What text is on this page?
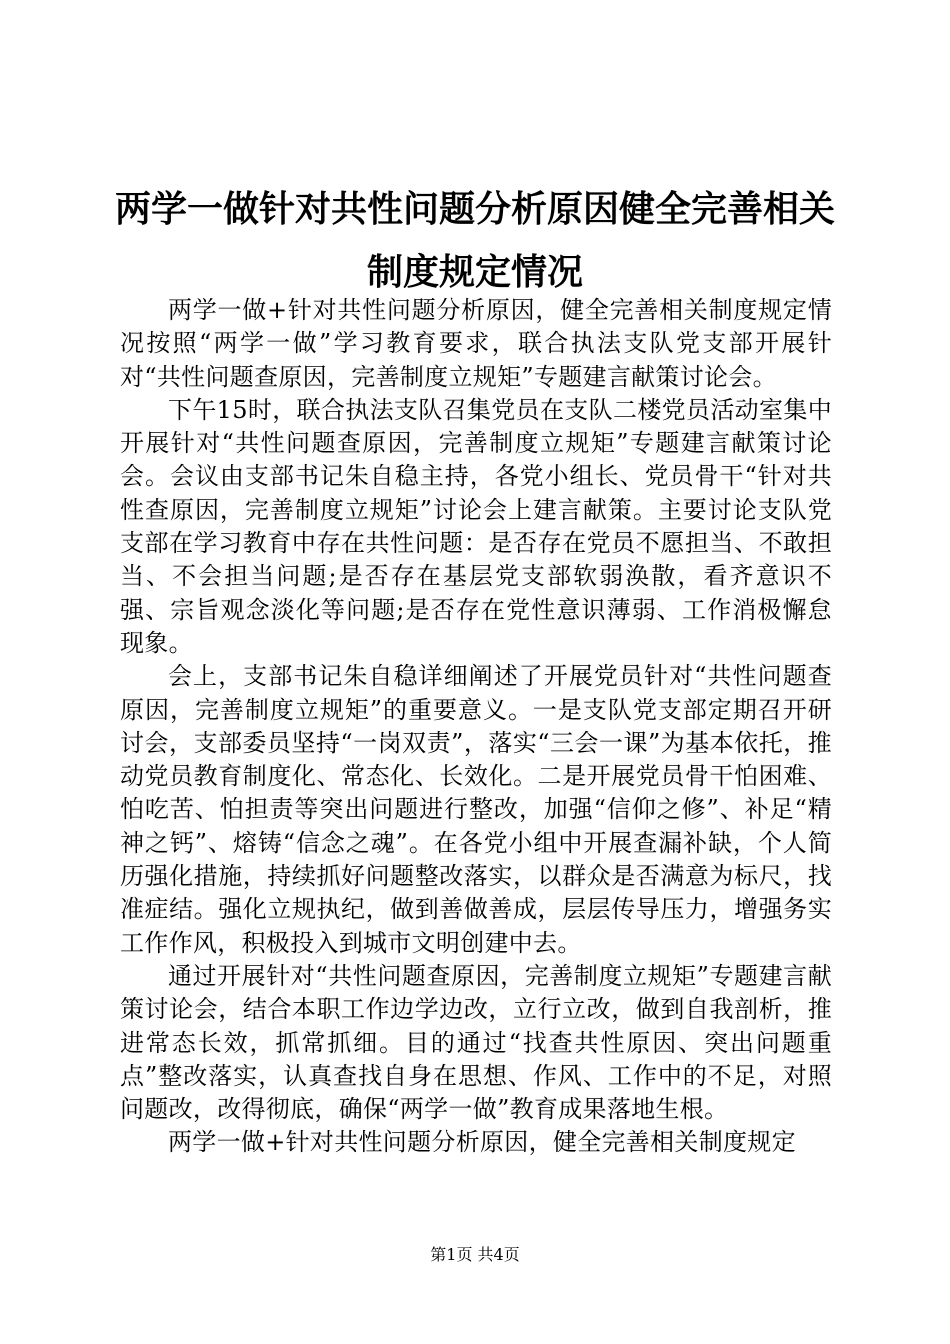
两学一做针对共性问题分析原因健全完善相关
制度规定情况

两学一做+针对共性问题分析原因，健全完善相关制度规定情况按照“两学一做”学习教育要求，联合执法支队党支部开展针对“共性问题查原因，完善制度立规矩”专题建言献策讨论会。

下午15时，联合执法支队召集党员在支队二楼党员活动室集中开展针对“共性问题查原因，完善制度立规矩”专题建言献策讨论会。会议由支部书记朱自稳主持，各党小组长、党员骨干“针对共性查原因，完善制度立规矩”讨论会上建言献策。主要讨论支队党支部在学习教育中存在共性问题：是否存在党员不愿担当、不敢担当、不会担当问题;是否存在基层党支部软弱涣散，看齐意识不强、宗旨观念淡化等问题;是否存在党性意识薄弱、工作消极懈怠现象。

会上，支部书记朱自稳详细阐述了开展党员针对“共性问题查原因，完善制度立规矩”的重要意义。一是支队党支部定期召开研讨会，支部委员坚持“一岗双责”，落实“三会一课”为基本依托，推动党员教育制度化、常态化、长效化。二是开展党员骨干怕困难、怕吃苦、怕担责等突出问题进行整改，加强“信仰之修”、补足“精神之钙”、熔铸“信念之魂”。在各党小组中开展查漏补缺，个人简历强化措施，持续抓好问题整改落实，以群众是否满意为标尺，找准症结。强化立规执纪，做到善做善成，层层传导压力，增强务实工作作风，积极投入到城市文明创建中去。

通过开展针对“共性问题查原因，完善制度立规矩”专题建言献策讨论会，结合本职工作边学边改，立行立改，做到自我剖析，推进常态长效，抓常抓细。目的通过“找查共性原因、突出问题重点”整改落实，认真查找自身在思想、作风、工作中的不足，对照问题改，改得彻底，确保“两学一做”教育成果落地生根。

两学一做+针对共性问题分析原因，健全完善相关制度规定

第1页 共4页
